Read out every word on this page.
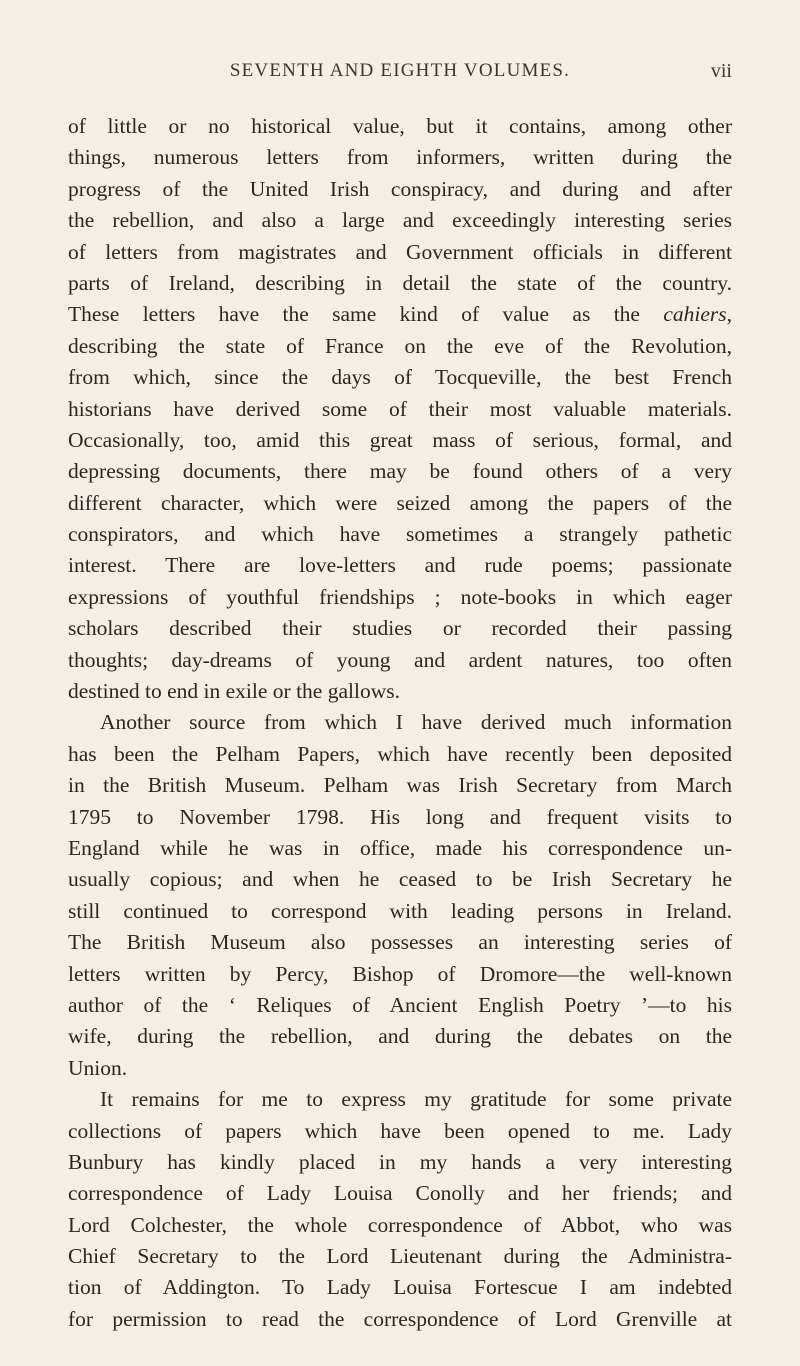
SEVENTH AND EIGHTH VOLUMES.	vii
of little or no historical value, but it contains, among other
things, numerous letters from informers, written during the
progress of the United Irish conspiracy, and during and after
the rebellion, and also a large and exceedingly interesting series
of letters from magistrates and Government officials in different
parts of Ireland, describing in detail the state of the country.
These letters have the same kind of value as the cahiers,
describing the state of France on the eve of the Revolution,
from which, since the days of Tocqueville, the best French
historians have derived some of their most valuable materials.
Occasionally, too, amid this great mass of serious, formal, and
depressing documents, there may be found others of a very
different character, which were seized among the papers of the
conspirators, and which have sometimes a strangely pathetic
interest. There are love-letters and rude poems; passionate
expressions of youthful friendships ; note-books in which eager
scholars described their studies or recorded their passing
thoughts; day-dreams of young and ardent natures, too often
destined to end in exile or the gallows.
Another source from which I have derived much information
has been the Pelham Papers, which have recently been deposited
in the British Museum. Pelham was Irish Secretary from March
1795 to November 1798. His long and frequent visits to
England while he was in office, made his correspondence un-
usually copious; and when he ceased to be Irish Secretary he
still continued to correspond with leading persons in Ireland.
The British Museum also possesses an interesting series of
letters written by Percy, Bishop of Dromore—the well-known
author of the ‘ Reliques of Ancient English Poetry ’—to his
wife, during the rebellion, and during the debates on the
Union.
It remains for me to express my gratitude for some private
collections of papers which have been opened to me. Lady
Bunbury has kindly placed in my hands a very interesting
correspondence of Lady Louisa Conolly and her friends; and
Lord Colchester, the whole correspondence of Abbot, who was
Chief Secretary to the Lord Lieutenant during the Administra-
tion of Addington. To Lady Louisa Fortescue I am indebted
for permission to read the correspondence of Lord Grenville at
